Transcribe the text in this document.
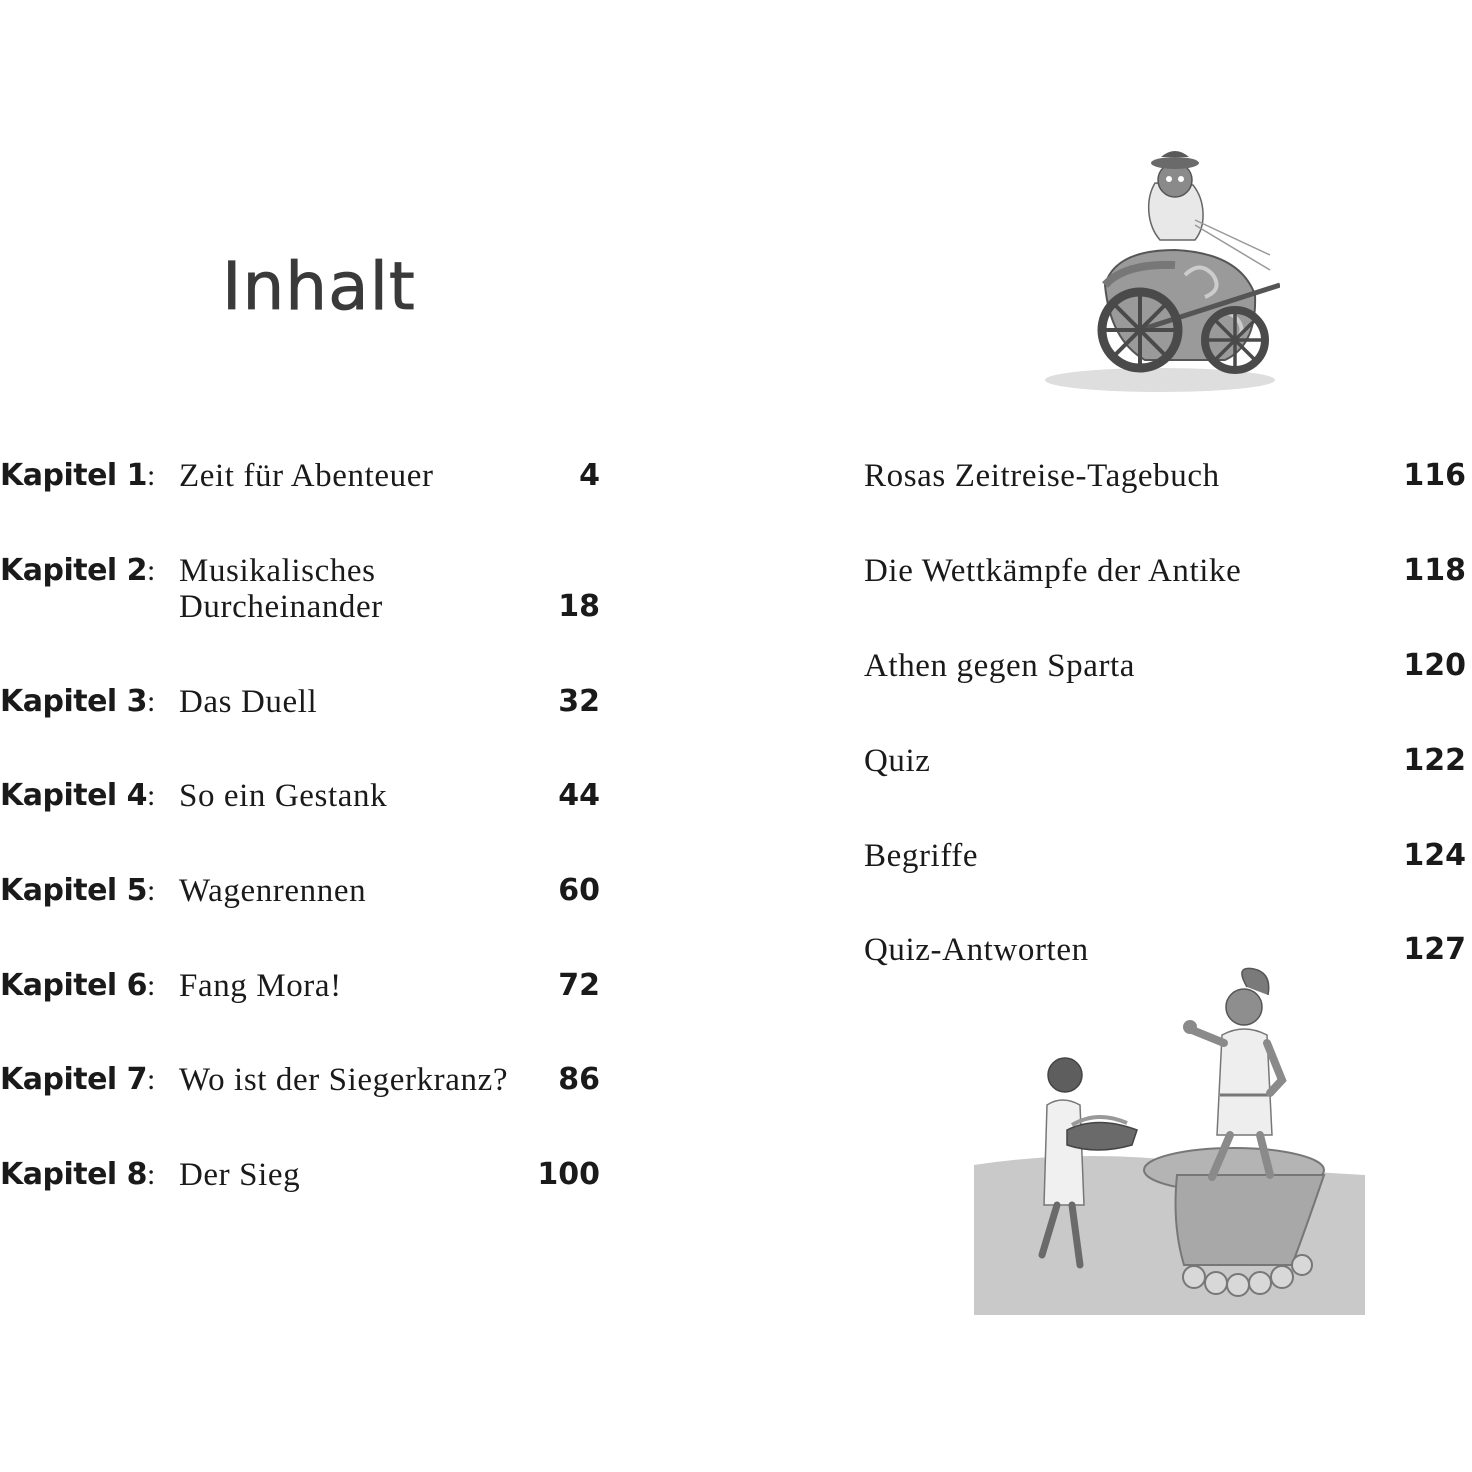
Inhalt
Kapitel 1: Zeit für Abenteuer	4
Kapitel 2: Musikalisches
Durcheinander	18
Kapitel 3: Das Duell	32
Kapitel 4: So ein Gestank	44
Kapitel 5: Wagenrennen	60
Kapitel 6: Fang Mora!	72
Kapitel 7: Wo ist der Siegerkranz? 86
Kapitel 8: Der Sieg	100
Rosas Zeitreise-Tagebuch	116
Die Wettkämpfe der Antike	118
Athen gegen Sparta	120
Quiz	122
Begriffe	124
Quiz-Antworten	127
